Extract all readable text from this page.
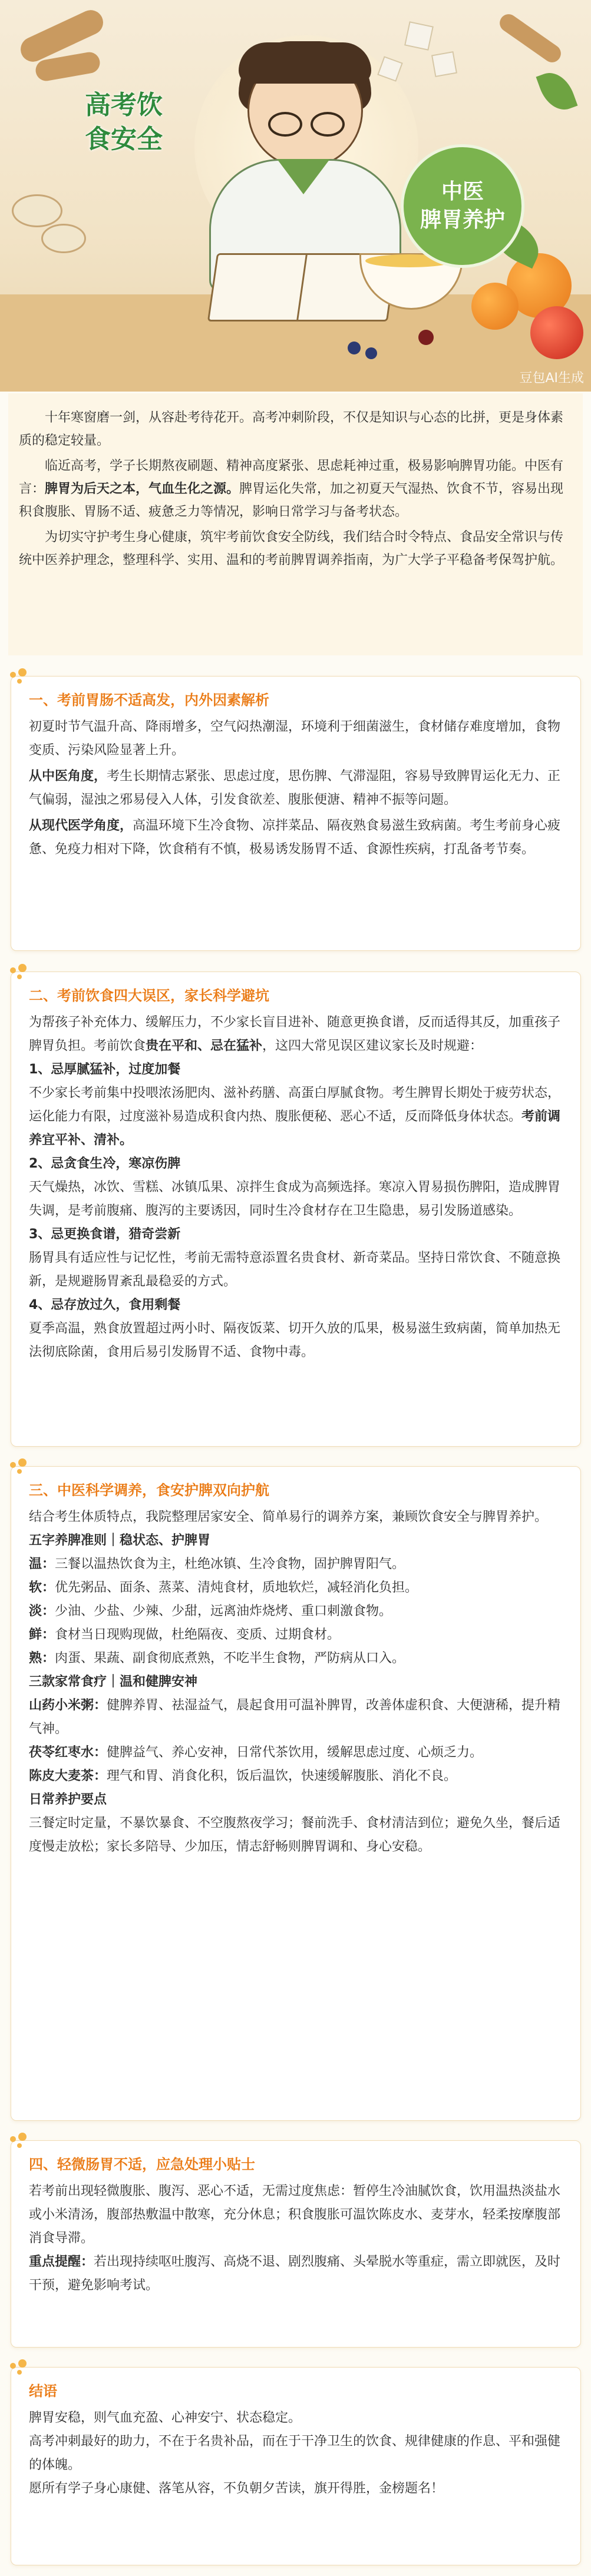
高考饮
食安全
中医
脾胃养护
豆包AI生成

十年寒窗磨一剑，从容赴考待花开。高考冲刺阶段，不仅是知识与心态的比拼，更是身体素质的稳定较量。

临近高考，学子长期熬夜刷题、精神高度紧张、思虑耗神过重，极易影响脾胃功能。中医有言：脾胃为后天之本，气血生化之源。脾胃运化失常，加之初夏天气湿热、饮食不节，容易出现积食腹胀、胃肠不适、疲惫乏力等情况，影响日常学习与备考状态。

为切实守护考生身心健康，筑牢考前饮食安全防线，我们结合时令特点、食品安全常识与传统中医养护理念，整理科学、实用、温和的考前脾胃调养指南，为广大学子平稳备考保驾护航。

一、考前胃肠不适高发，内外因素解析

初夏时节气温升高、降雨增多，空气闷热潮湿，环境利于细菌滋生，食材储存难度增加，食物变质、污染风险显著上升。

从中医角度，考生长期情志紧张、思虑过度，思伤脾、气滞湿阻，容易导致脾胃运化无力、正气偏弱，湿浊之邪易侵入人体，引发食欲差、腹胀便溏、精神不振等问题。

从现代医学角度，高温环境下生冷食物、凉拌菜品、隔夜熟食易滋生致病菌。考生考前身心疲惫、免疫力相对下降，饮食稍有不慎，极易诱发肠胃不适、食源性疾病，打乱备考节奏。

二、考前饮食四大误区，家长科学避坑

为帮孩子补充体力、缓解压力，不少家长盲目进补、随意更换食谱，反而适得其反，加重孩子脾胃负担。考前饮食贵在平和、忌在猛补，这四大常见误区建议家长及时规避：

1、忌厚腻猛补，过度加餐

不少家长考前集中投喂浓汤肥肉、滋补药膳、高蛋白厚腻食物。考生脾胃长期处于疲劳状态，运化能力有限，过度滋补易造成积食内热、腹胀便秘、恶心不适，反而降低身体状态。考前调养宜平补、清补。

2、忌贪食生冷，寒凉伤脾

天气燥热，冰饮、雪糕、冰镇瓜果、凉拌生食成为高频选择。寒凉入胃易损伤脾阳，造成脾胃失调，是考前腹痛、腹泻的主要诱因，同时生冷食材存在卫生隐患，易引发肠道感染。

3、忌更换食谱，猎奇尝新

肠胃具有适应性与记忆性，考前无需特意添置名贵食材、新奇菜品。坚持日常饮食、不随意换新，是规避肠胃紊乱最稳妥的方式。

4、忌存放过久，食用剩餐

夏季高温，熟食放置超过两小时、隔夜饭菜、切开久放的瓜果，极易滋生致病菌，简单加热无法彻底除菌，食用后易引发肠胃不适、食物中毒。

三、中医科学调养，食安护脾双向护航

结合考生体质特点，我院整理居家安全、简单易行的调养方案，兼顾饮食安全与脾胃养护。

五字养脾准则｜稳状态、护脾胃

温：三餐以温热饮食为主，杜绝冰镇、生冷食物，固护脾胃阳气。

软：优先粥品、面条、蒸菜、清炖食材，质地软烂，减轻消化负担。

淡：少油、少盐、少辣、少甜，远离油炸烧烤、重口刺激食物。

鲜：食材当日现购现做，杜绝隔夜、变质、过期食材。

熟：肉蛋、果蔬、副食彻底煮熟，不吃半生食物，严防病从口入。

三款家常食疗｜温和健脾安神

山药小米粥：健脾养胃、祛湿益气，晨起食用可温补脾胃，改善体虚积食、大便溏稀，提升精气神。

茯苓红枣水：健脾益气、养心安神，日常代茶饮用，缓解思虑过度、心烦乏力。

陈皮大麦茶：理气和胃、消食化积，饭后温饮，快速缓解腹胀、消化不良。

日常养护要点

三餐定时定量，不暴饮暴食、不空腹熬夜学习；餐前洗手、食材清洁到位；避免久坐，餐后适度慢走放松；家长多陪导、少加压，情志舒畅则脾胃调和、身心安稳。

四、轻微肠胃不适，应急处理小贴士

若考前出现轻微腹胀、腹泻、恶心不适，无需过度焦虑：暂停生冷油腻饮食，饮用温热淡盐水或小米清汤，腹部热敷温中散寒，充分休息；积食腹胀可温饮陈皮水、麦芽水，轻柔按摩腹部消食导滞。

重点提醒：若出现持续呕吐腹泻、高烧不退、剧烈腹痛、头晕脱水等重症，需立即就医，及时干预，避免影响考试。

结语

脾胃安稳，则气血充盈、心神安宁、状态稳定。

高考冲刺最好的助力，不在于名贵补品，而在于干净卫生的饮食、规律健康的作息、平和强健的体魄。

愿所有学子身心康健、落笔从容，不负朝夕苦读，旗开得胜，金榜题名！
